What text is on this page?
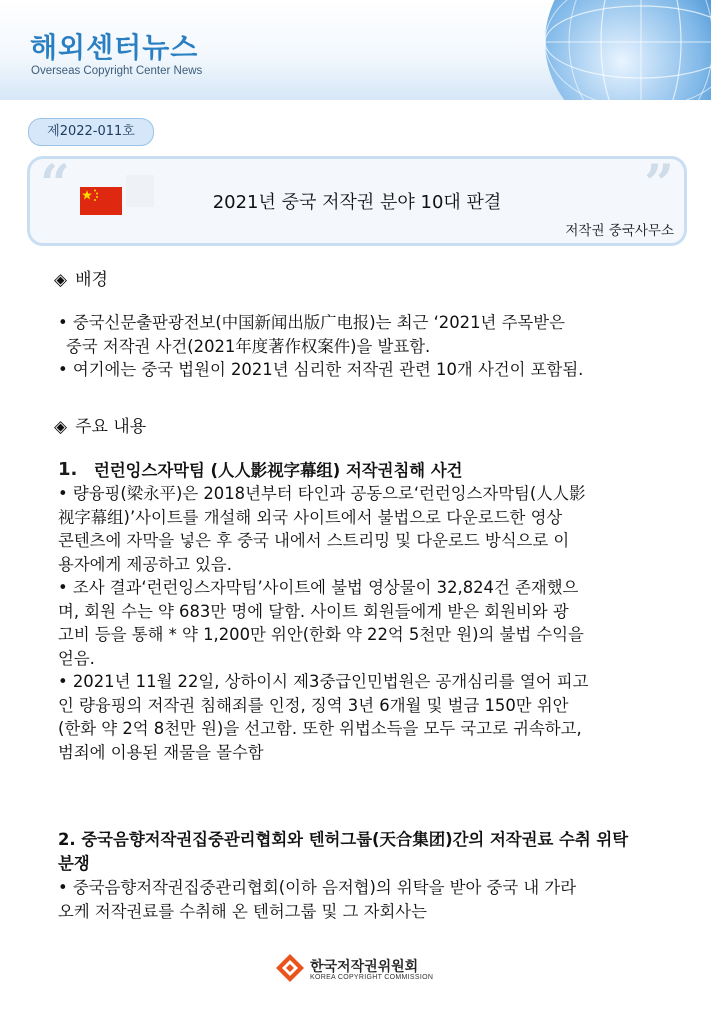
해외센터뉴스
Overseas Copyright Center News
제2022-011호
“	”
2021년 중국 저작권 분야 10대 판결
저작권 중국사무소
◈ 배경
• 중국신문출판광전보(中国新闻出版广电报)는 최근 ‘2021년 주목받은
중국 저작권 사건(2021年度著作权案件)을 발표함.
• 여기에는 중국 법원이 2021년 심리한 저작권 관련 10개 사건이 포함됨.
◈ 주요 내용
1. 런런잉스자막팀 (人人影视字幕组) 저작권침해 사건
• 량융핑(梁永平)은 2018년부터 타인과 공동으로‘런런잉스자막팀(人人影
视字幕组)’사이트를 개설해 외국 사이트에서 불법으로 다운로드한 영상
콘텐츠에 자막을 넣은 후 중국 내에서 스트리밍 및 다운로드 방식으로 이
용자에게 제공하고 있음.
• 조사 결과‘런런잉스자막팀’사이트에 불법 영상물이 32,824건 존재했으
며, 회원 수는 약 683만 명에 달함. 사이트 회원들에게 받은 회원비와 광
고비 등을 통해 * 약 1,200만 위안(한화 약 22억 5천만 원)의 불법 수익을
얻음.
• 2021년 11월 22일, 상하이시 제3중급인민법원은 공개심리를 열어 피고
인 량융핑의 저작권 침해죄를 인정, 징역 3년 6개월 및 벌금 150만 위안
(한화 약 2억 8천만 원)을 선고함. 또한 위법소득을 모두 국고로 귀속하고,
범죄에 이용된 재물을 몰수함
2. 중국음향저작권집중관리협회와 텐허그룹(天合集团)간의 저작권료 수취 위탁
분쟁
• 중국음향저작권집중관리협회(이하 음저협)의 위탁을 받아 중국 내 가라
오케 저작권료를 수취해 온 텐허그룹 및 그 자회사는
한국저작권위원회
KOREA COPYRIGHT COMMISSION
